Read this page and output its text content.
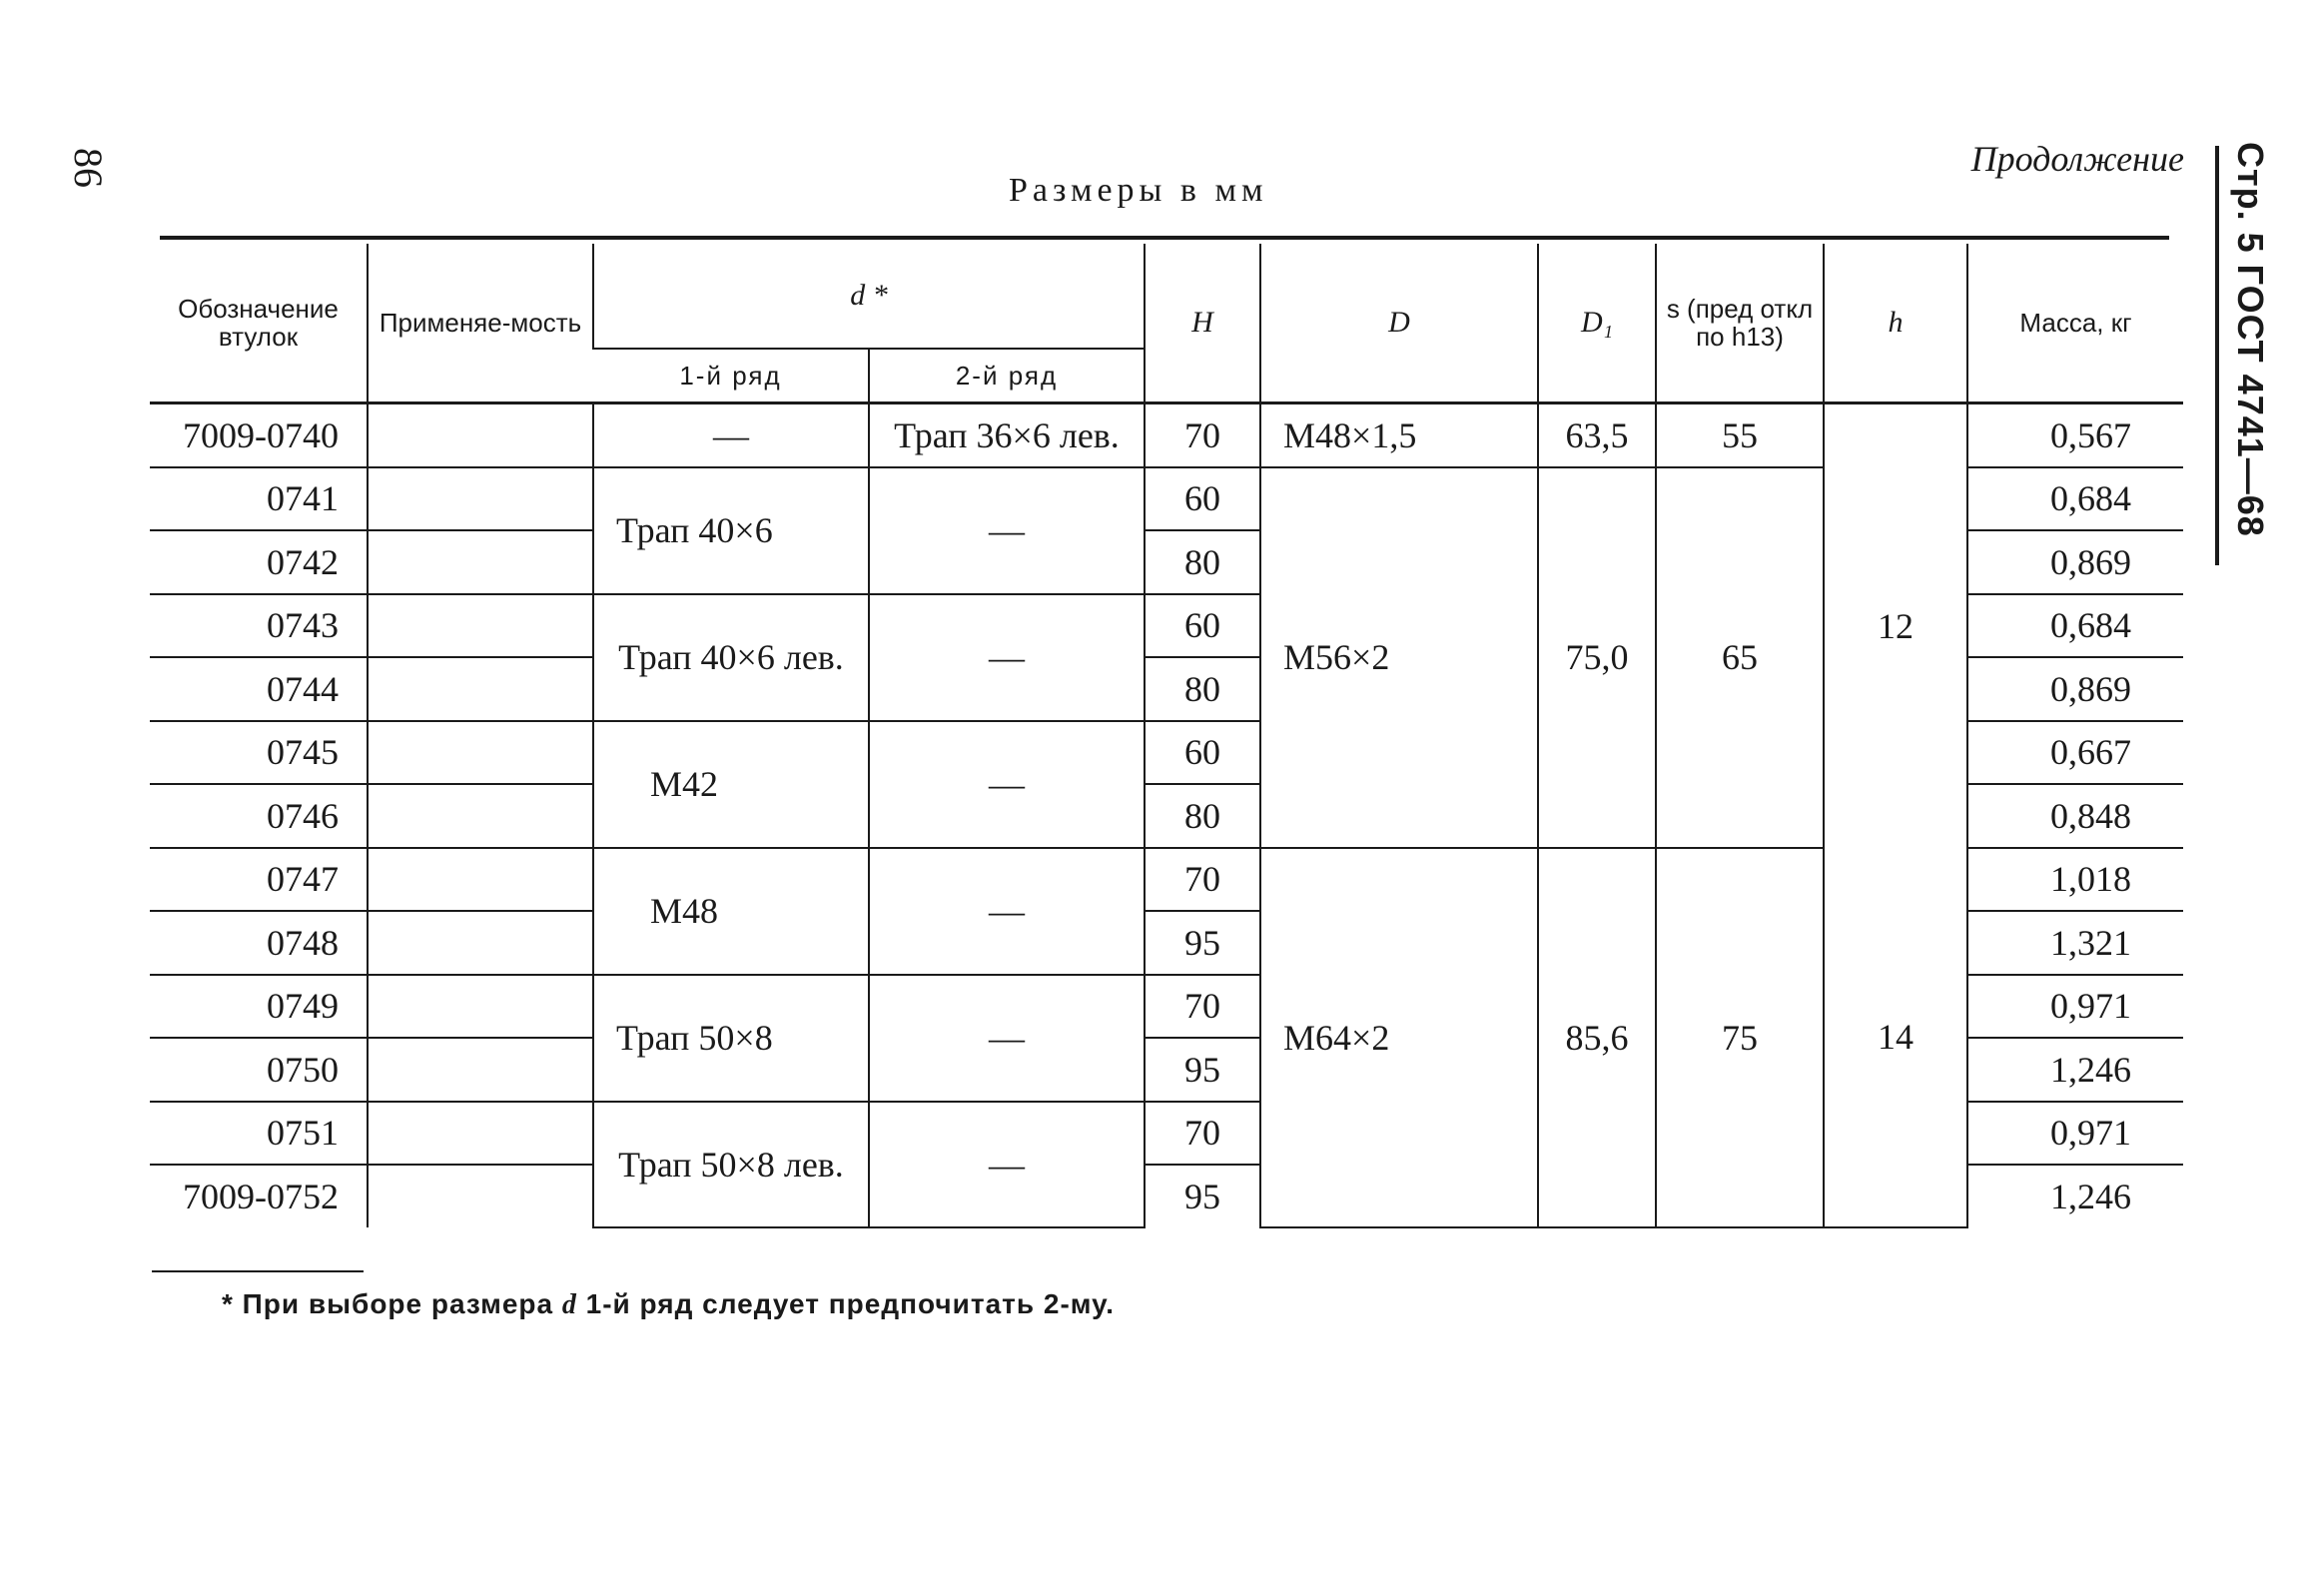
86	Продолжение
Размеры в мм	Стр. 5 ГОСТ 4741—68
Обозначение втулок	Применяе-мость	d *		H	D	D₁	s (пред откл по h13)	h	Масса, кг
		1-й ряд	2-й ряд						
7009-0740		—	Трап 36×6 лев.	70	М48×1,5	63,5	55	12	0,567
0741		Трап 40×6	—	60	М56×2	75,0	65		0,684
0742				80					0,869
0743		Трап 40×6 лев.	—	60					0,684
0744				80					0,869
0745		М42	—	60					0,667
0746				80					0,848
0747		М48	—	70	М64×2	85,6	75	14	1,018
0748				95					1,321
0749		Трап 50×8	—	70					0,971
0750				95					1,246
0751		Трап 50×8 лев.	—	70					0,971
7009-0752				95					1,246
* При выборе размера d 1-й ряд следует предпочитать 2-му.
